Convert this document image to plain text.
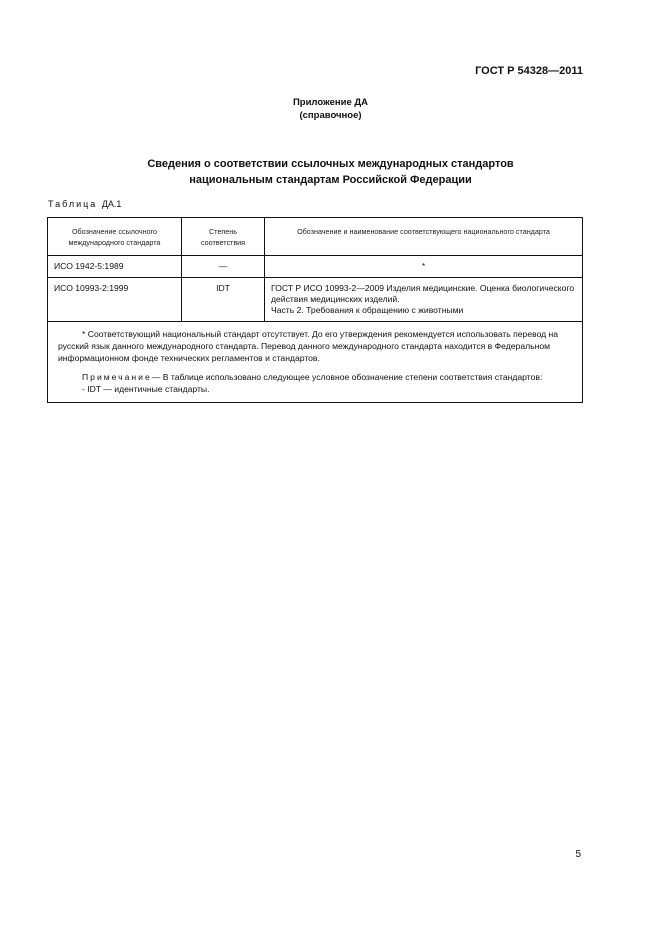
ГОСТ Р 54328—2011
Приложение ДА
(справочное)
Сведения о соответствии ссылочных международных стандартов
национальным стандартам Российской Федерации
Таблица ДА.1
Обозначение ссылочного международного стандарта	Степень соответствия	Обозначение и наименование соответствующего национального стандарта
ИСО 1942-5:1989	—	*
ИСО 10993-2:1999	IDT	ГОСТ Р ИСО 10993-2—2009 Изделия медицинские. Оценка биологического действия медицинских изделий.
Часть 2. Требования к обращению с животными

* Соответствующий национальный стандарт отсутствует. До его утверждения рекомендуется использовать перевод на русский язык данного международного стандарта. Перевод данного международного стандарта находится в Федеральном информационном фонде технических регламентов и стандартов.

Примечание— В таблице использовано следующее условное обозначение степени соответствия стандартов:

- IDT — идентичные стандарты.		

5
